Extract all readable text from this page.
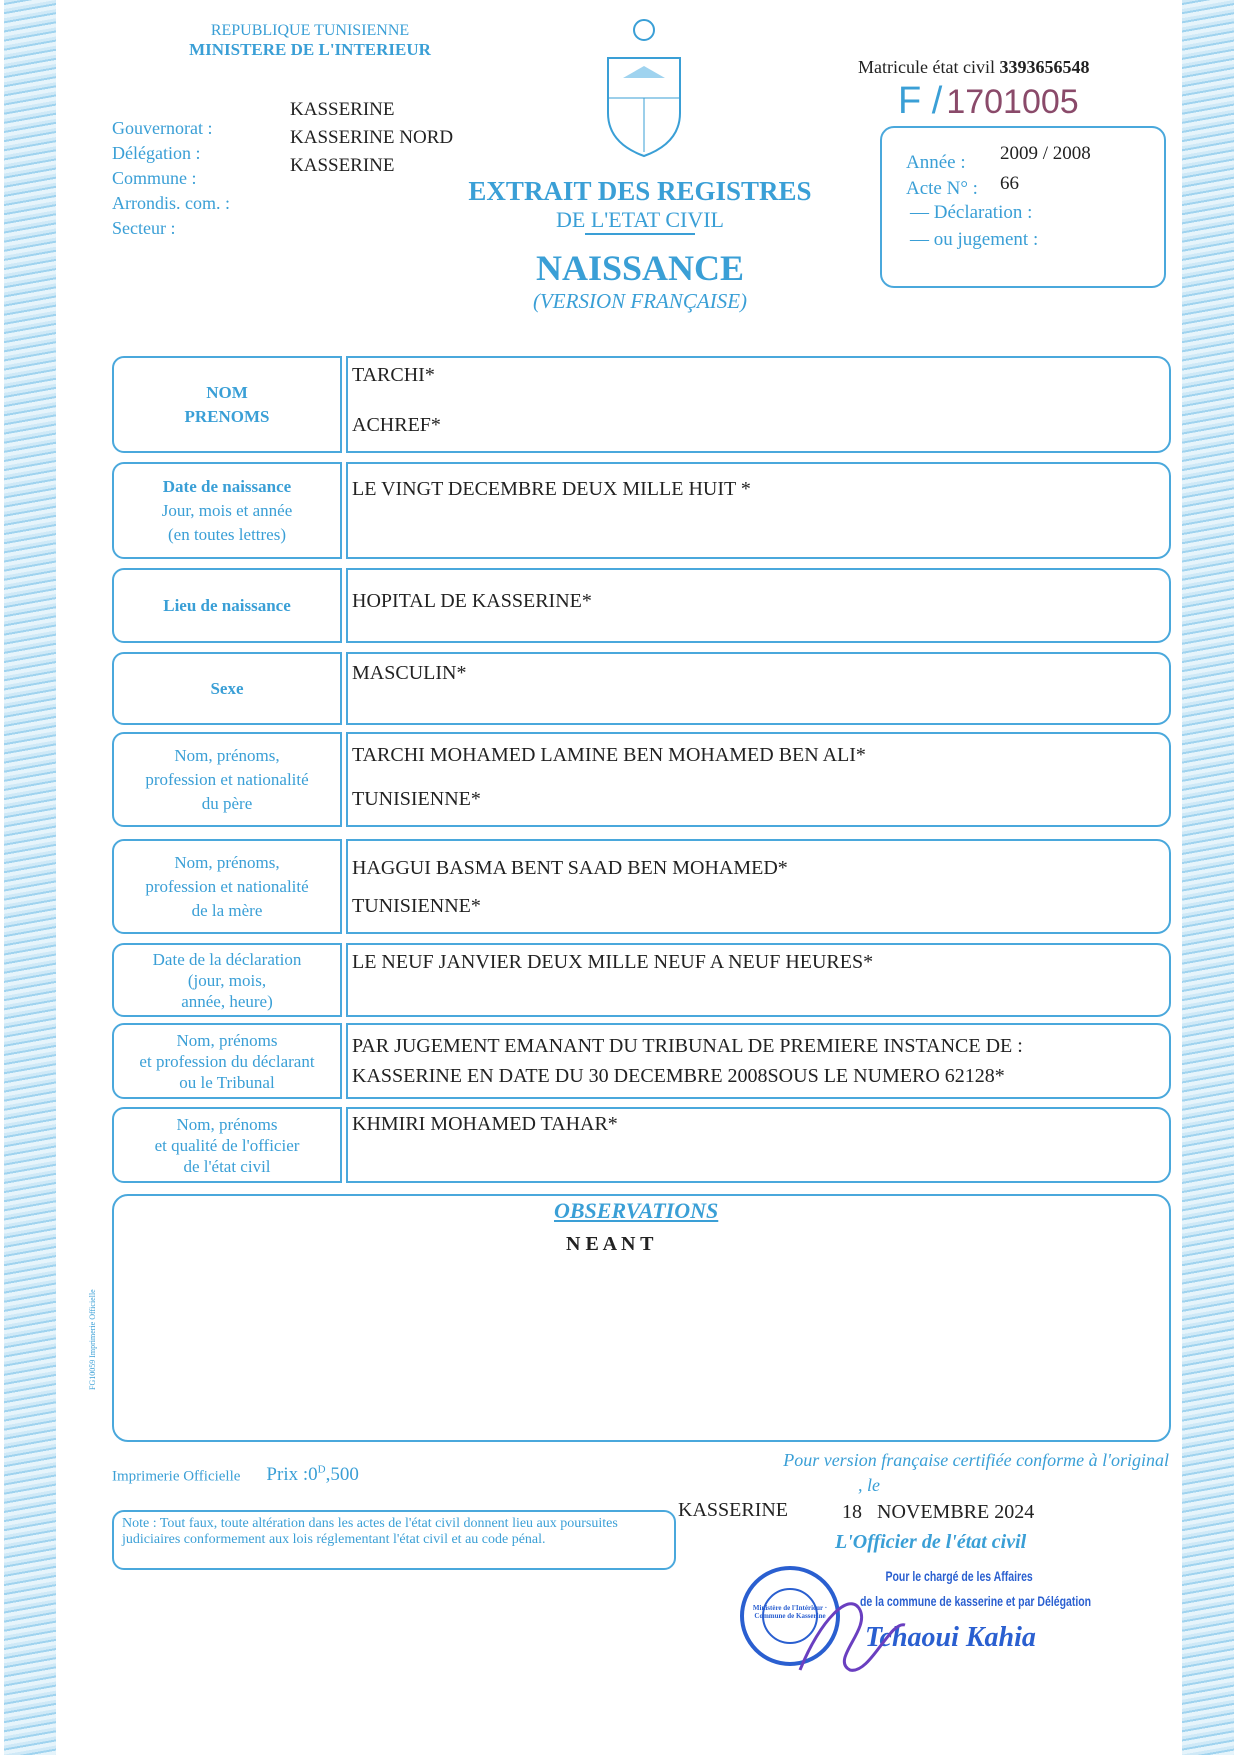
REPUBLIQUE TUNISIENNE
MINISTERE DE L'INTERIEUR
Gouvernorat :
Délégation :
Commune :
Arrondis. com. :
Secteur :
KASSERINE
KASSERINE NORD
KASSERINE
EXTRAIT DES REGISTRES
DE L'ETAT CIVIL
NAISSANCE
(VERSION FRANÇAISE)
Matricule état civil 3393656548
F / 1701005
Année : 2009 / 2008
Acte N° : 66
— Déclaration :
— ou jugement :
NOM
PRENOMS
TARCHI*
ACHREF*
Date de naissance
Jour, mois et année
(en toutes lettres)
LE VINGT DECEMBRE DEUX MILLE HUIT *
Lieu de naissance	HOPITAL DE KASSERINE*
Sexe
MASCULIN*
Nom, prénoms,
profession et nationalité
du père
TARCHI MOHAMED LAMINE BEN MOHAMED BEN ALI*
TUNISIENNE*
Nom, prénoms,
profession et nationalité
de la mère
HAGGUI BASMA BENT SAAD BEN MOHAMED*
TUNISIENNE*
Date de la déclaration
(jour, mois,
année, heure)
LE NEUF JANVIER DEUX MILLE NEUF A NEUF HEURES*
Nom, prénoms
et profession du déclarant
ou le Tribunal
PAR JUGEMENT EMANANT DU TRIBUNAL DE PREMIERE INSTANCE DE :
KASSERINE EN DATE DU 30 DECEMBRE 2008SOUS LE NUMERO 62128*
Nom, prénoms
et qualité de l'officier
de l'état civil
KHMIRI MOHAMED TAHAR*
OBSERVATIONS
N E A N T
FG10059 Imprimerie Officielle
Imprimerie Officielle Prix $:0^D,500$
Pour version française certifiée conforme à l'original
, le
KASSERINE	18   NOVEMBRE 2024
L'Officier de l'état civil
Note : Tout faux, toute altération dans les actes de l'état civil donnent lieu aux poursuites judiciaires conformement aux lois réglementant l'état civil et au code pénal.
Ministère de l'Intérieur · Commune de Kasserine
Pour le chargé de les Affaires
de la commune de kasserine et par Délégation
Tchaoui Kahia
